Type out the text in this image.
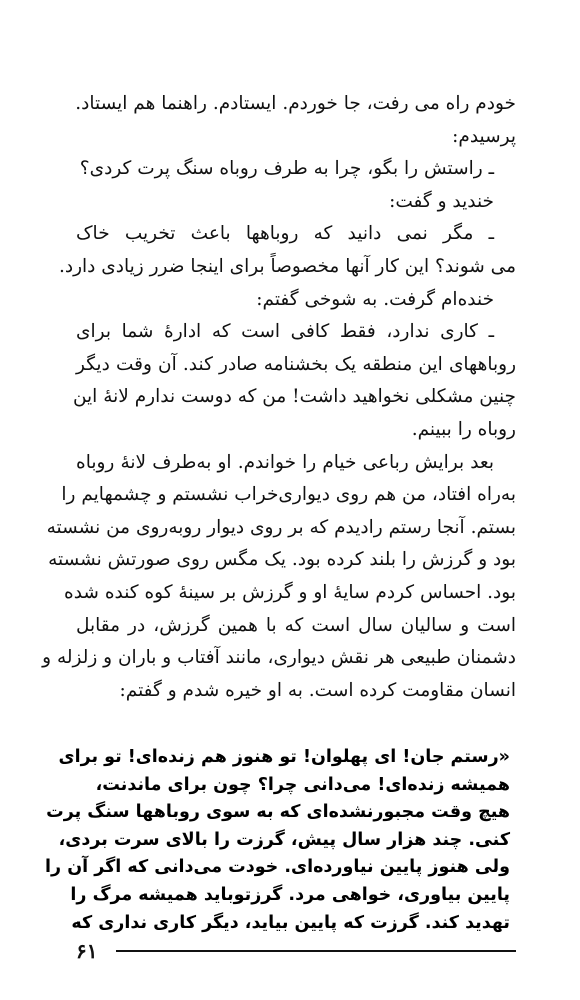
خودم راه می رفت، جا خوردم. ایستادم. راهنما هم ایستاد.
پرسیدم:
ـ راستش را بگو، چرا به طرف روباه سنگ پرت کردی؟
خندید و گفت:
ـ مگر نمی دانید که روباهها باعث تخریب خاک
می شوند؟ این کار آنها مخصوصاً برای اینجا ضرر زیادی دارد.
خنده‌ام گرفت. به شوخی گفتم:
ـ کاری ندارد، فقط کافی است که ادارهٔ شما برای
روباههای این منطقه یک بخشنامه صادر کند. آن وقت دیگر
چنین مشکلی نخواهید داشت! من که دوست ندارم لانهٔ این
روباه را ببینم.
بعد برایش رباعی خیام را خواندم. او به‌طرف لانهٔ روباه
به‌راه افتاد، من هم روی دیواری‌خراب نشستم و چشمهایم را
بستم. آنجا رستم رادیدم که بر روی دیوار روبه‌روی من نشسته
بود و گرزش را بلند کرده بود. یک مگس روی صورتش نشسته
بود. احساس کردم سایهٔ او و گرزش بر سینهٔ کوه کنده شده
است و سالیان سال است که با همین گرزش، در مقابل
دشمنان طبیعی هر نقش دیواری، مانند آفتاب و باران و زلزله و
انسان مقاومت کرده است. به او خیره شدم و گفتم:
«رستم جان! ای پهلوان! تو هنوز هم زنده‌ای! تو برای
همیشه زنده‌ای! می‌دانی چرا؟ چون برای ماندنت،
هیچ وقت مجبورنشده‌ای که به سوی روباهها سنگ پرت
کنی. چند هزار سال پیش، گرزت را بالای سرت بردی،
ولی هنوز پایین نیاورده‌ای. خودت می‌دانی که اگر آن را
پایین بیاوری، خواهی مرد. گرزتوباید همیشه مرگ را
تهدید کند. گرزت که پایین بیاید، دیگر کاری نداری که
۶۱
